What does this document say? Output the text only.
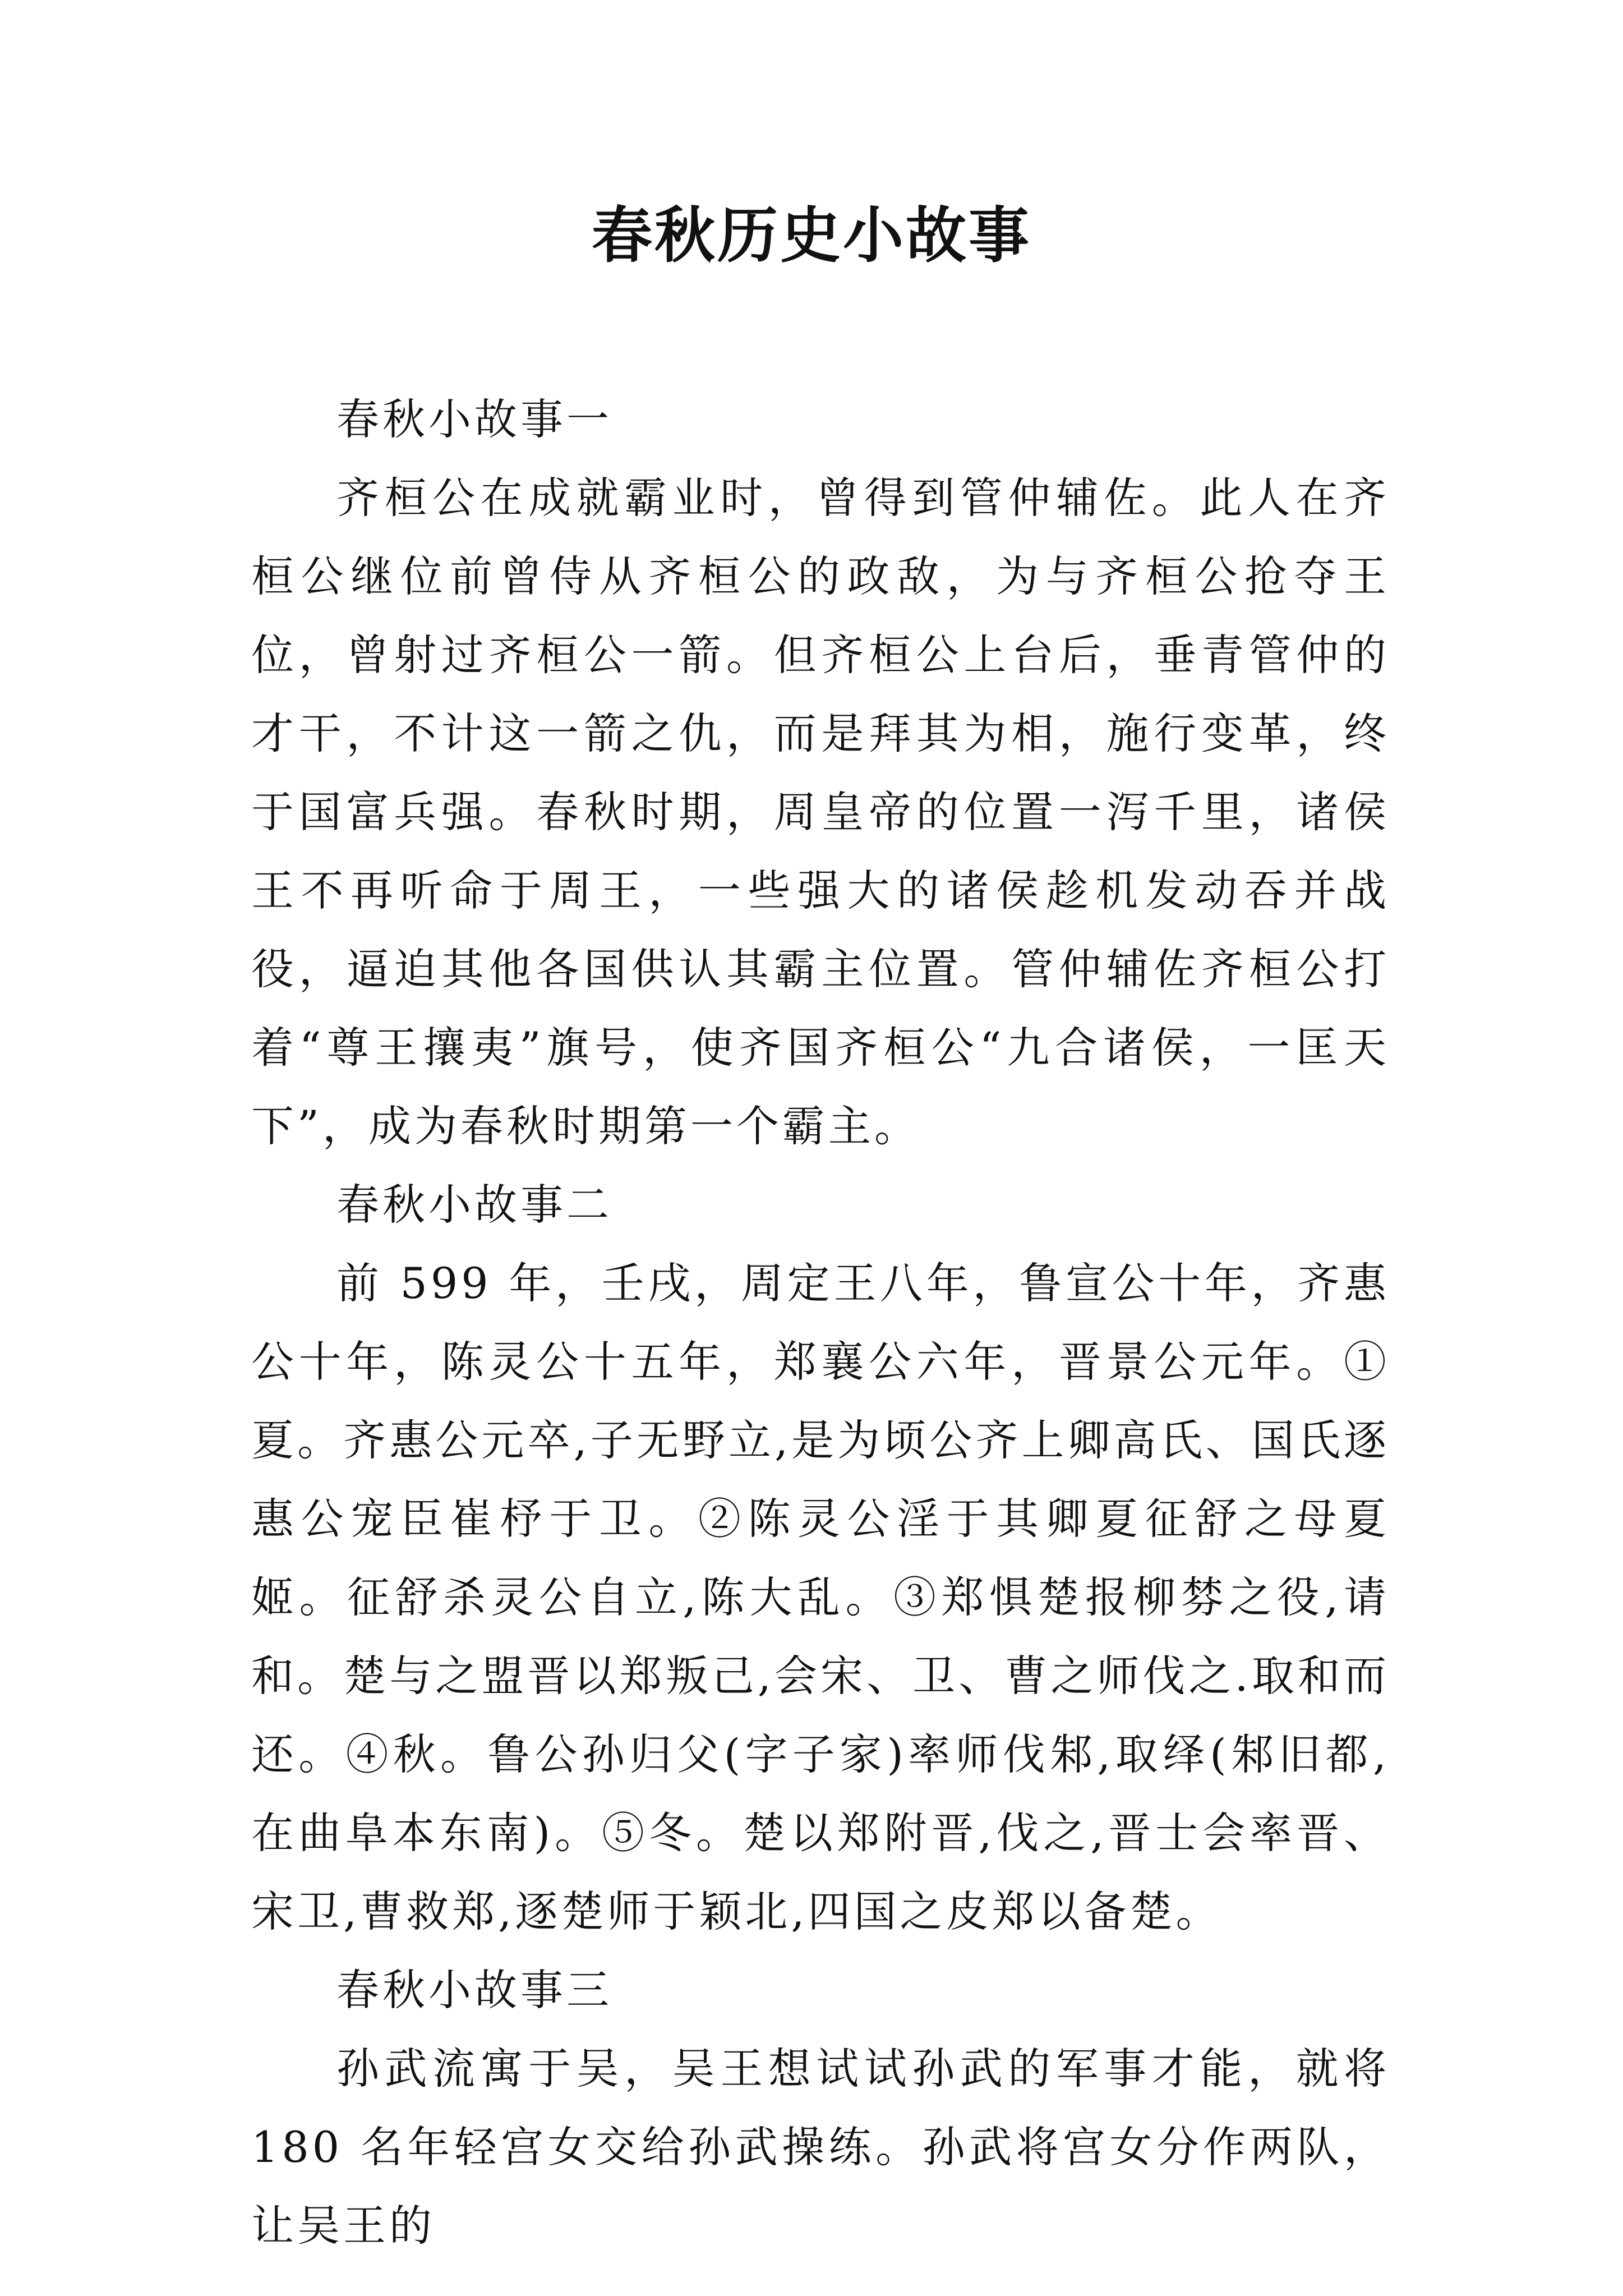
春秋历史小故事

春秋小故事一

齐桓公在成就霸业时，曾得到管仲辅佐。此人在齐桓公继位前曾侍从齐桓公的政敌，为与齐桓公抢夺王位，曾射过齐桓公一箭。但齐桓公上台后，垂青管仲的才干，不计这一箭之仇，而是拜其为相，施行变革，终于国富兵强。春秋时期，周皇帝的位置一泻千里，诸侯王不再听命于周王，一些强大的诸侯趁机发动吞并战役，逼迫其他各国供认其霸主位置。管仲辅佐齐桓公打着“尊王攘夷”旗号，使齐国齐桓公“九合诸侯，一匡天下”，成为春秋时期第一个霸主。

春秋小故事二

前 599 年，壬戌，周定王八年，鲁宣公十年，齐惠公十年，陈灵公十五年，郑襄公六年，晋景公元年。①夏。齐惠公元卒,子无野立,是为顷公齐上卿高氏、国氏逐惠公宠臣崔杼于卫。②陈灵公淫于其卿夏征舒之母夏姬。征舒杀灵公自立,陈大乱。③郑惧楚报柳棼之役,请和。楚与之盟晋以郑叛己,会宋、卫、曹之师伐之.取和而还。④秋。鲁公孙归父(字子家)率师伐邾,取绎(邾旧都,在曲阜本东南)。⑤冬。楚以郑附晋,伐之,晋士会率晋、宋卫,曹救郑,逐楚师于颖北,四国之皮郑以备楚。

春秋小故事三

孙武流寓于吴，吴王想试试孙武的军事才能，就将 180 名年轻宫女交给孙武操练。孙武将宫女分作两队，让吴王的
